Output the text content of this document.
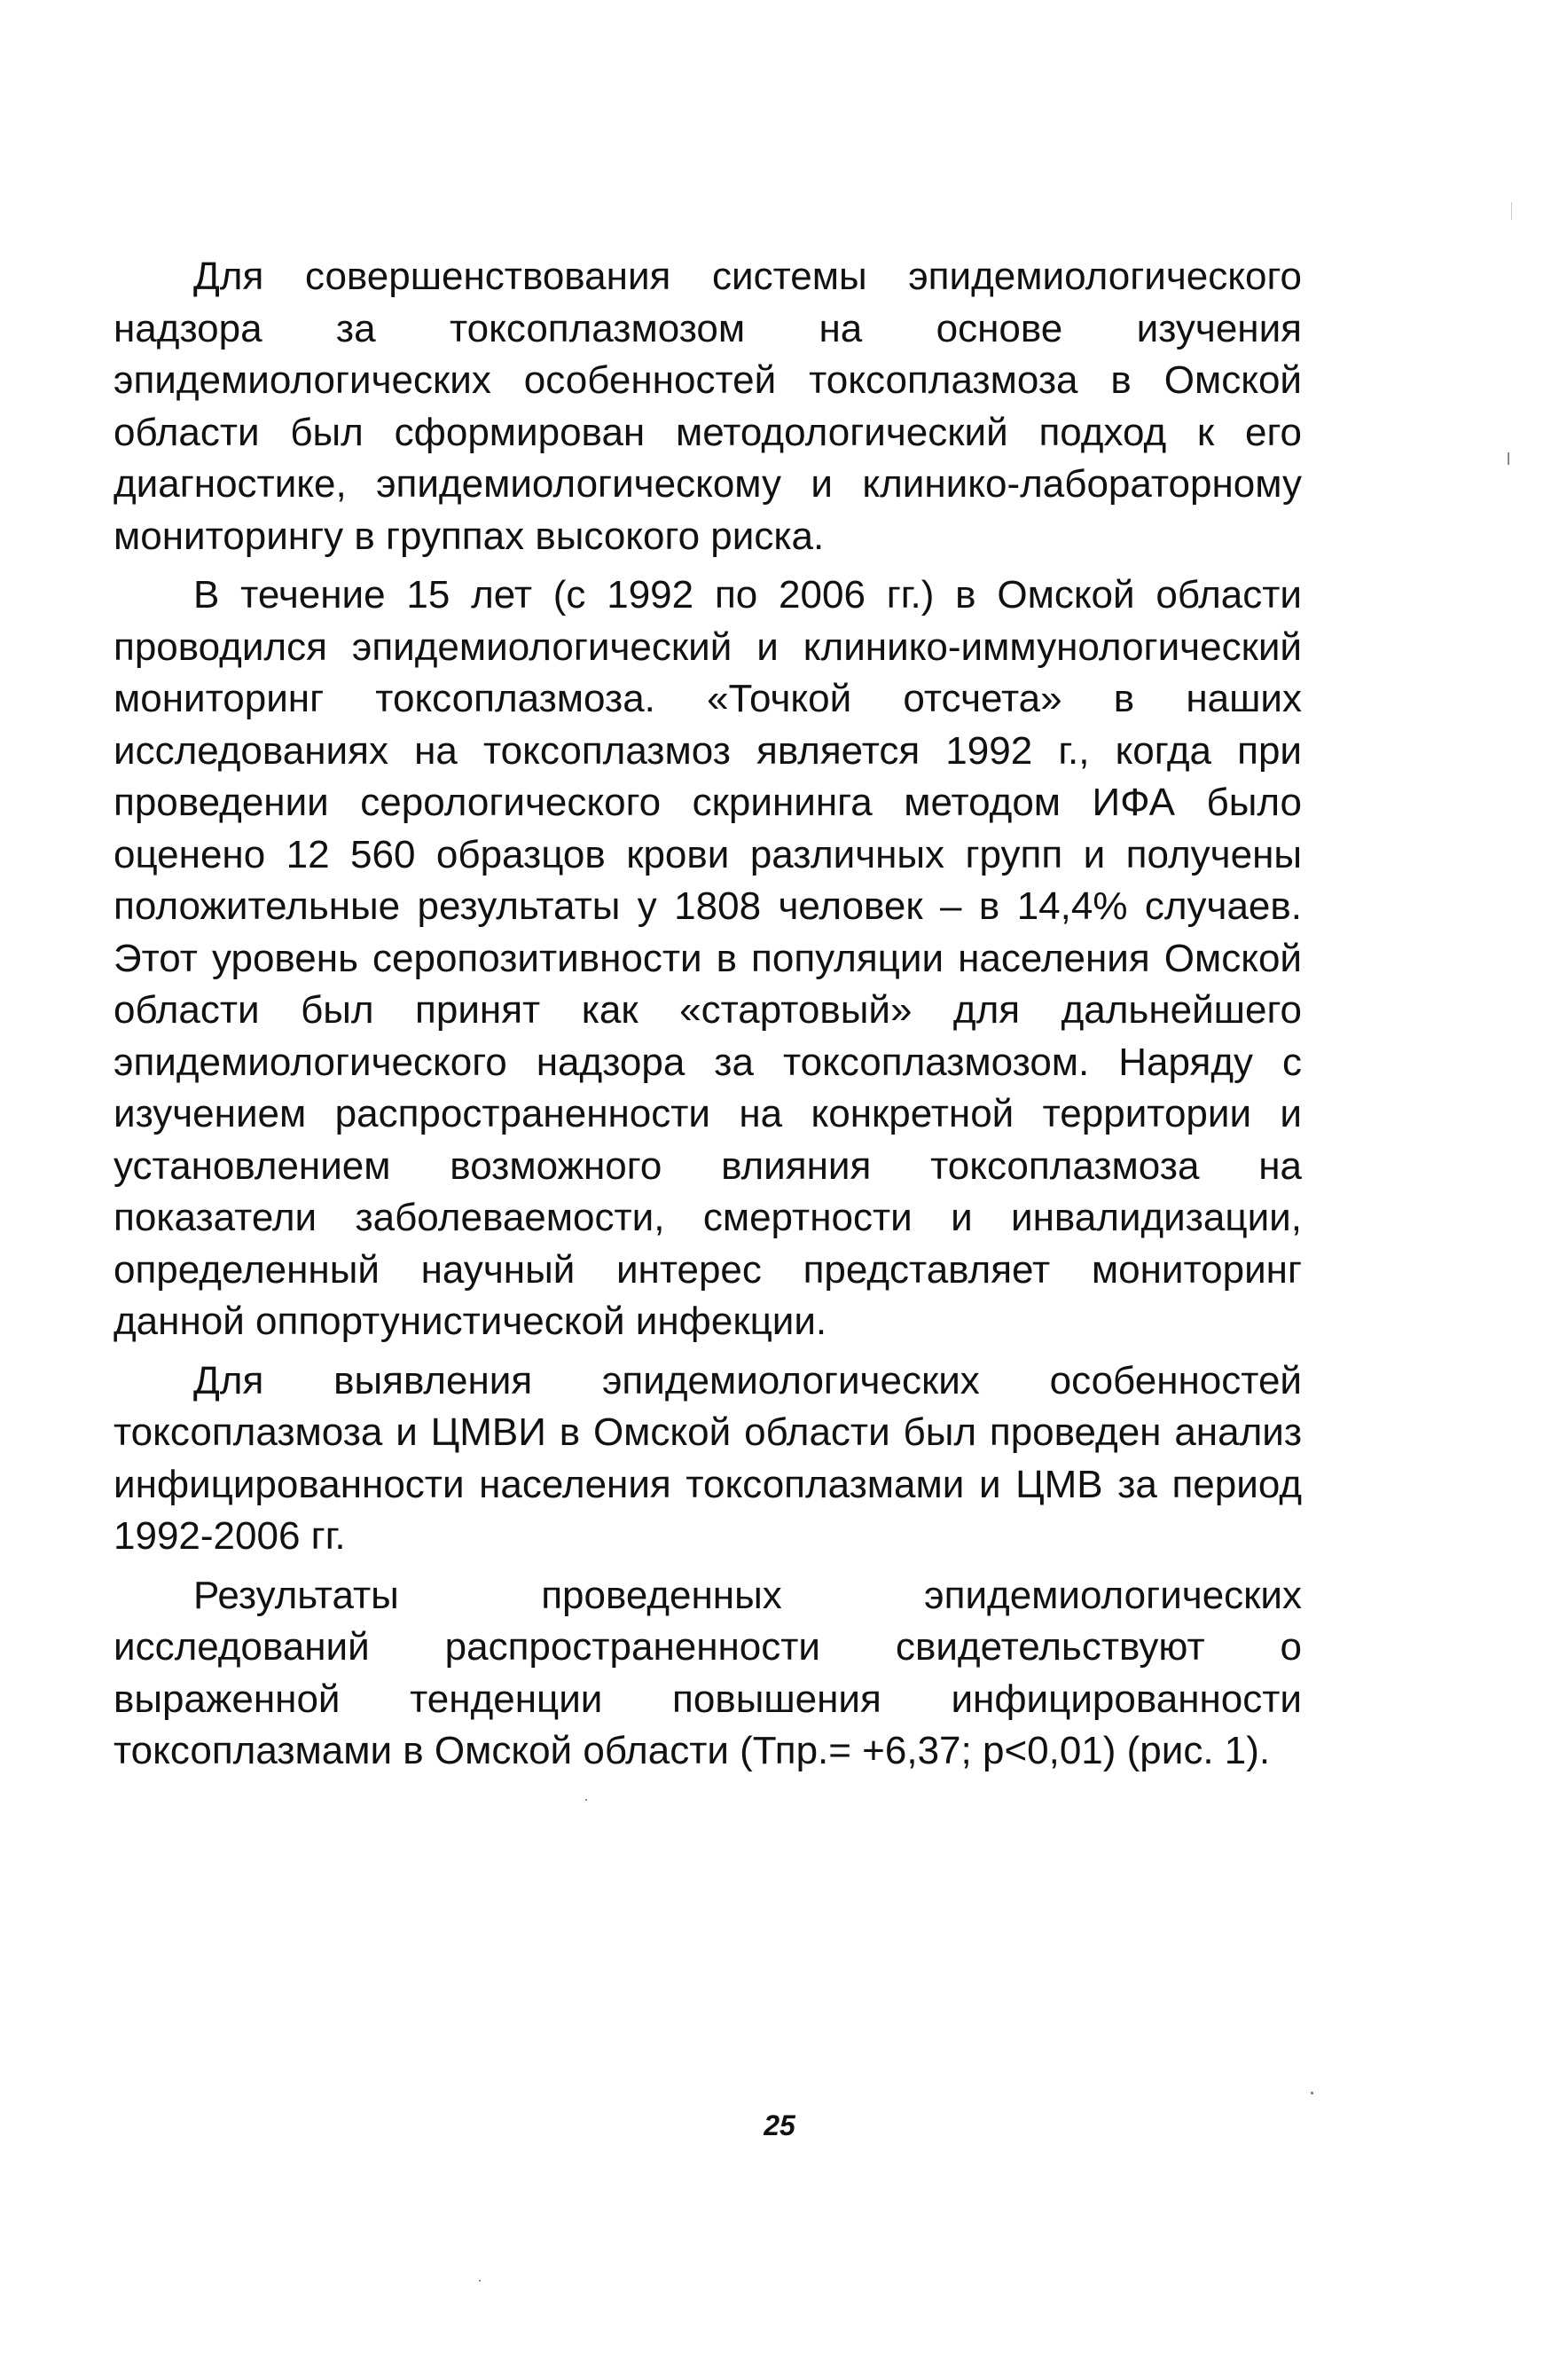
Для совершенствования системы эпидемиологического надзора за токсоплазмозом на основе изучения эпидемиологических особенностей токсоплазмоза в Омской области был сформирован методологический подход к его диагностике, эпидемиологическому и клинико-лабораторному мониторингу в группах высокого риска.

В течение 15 лет (с 1992 по 2006 гг.) в Омской области проводился эпидемиологический и клинико-иммунологический мониторинг токсоплазмоза. «Точкой отсчета» в наших исследованиях на токсоплазмоз является 1992 г., когда при проведении серологического скрининга методом ИФА было оценено 12 560 образцов крови различных групп и получены положительные результаты у 1808 человек – в 14,4% случаев. Этот уровень серопозитивности в популяции населения Омской области был принят как «стартовый» для дальнейшего эпидемиологического надзора за токсоплазмозом. Наряду с изучением распространенности на конкретной территории и установлением возможного влияния токсоплазмоза на показатели заболеваемости, смертности и инвалидизации, определенный научный интерес представляет мониторинг данной оппортунистической инфекции.

Для выявления эпидемиологических особенностей токсоплазмоза и ЦМВИ в Омской области был проведен анализ инфицированности населения токсоплазмами и ЦМВ за период 1992-2006 гг.

Результаты проведенных эпидемиологических исследований распространенности свидетельствуют о выраженной тенденции повышения инфицированности токсоплазмами в Омской области (Тпр.= +6,37; p<0,01) (рис. 1).

25
